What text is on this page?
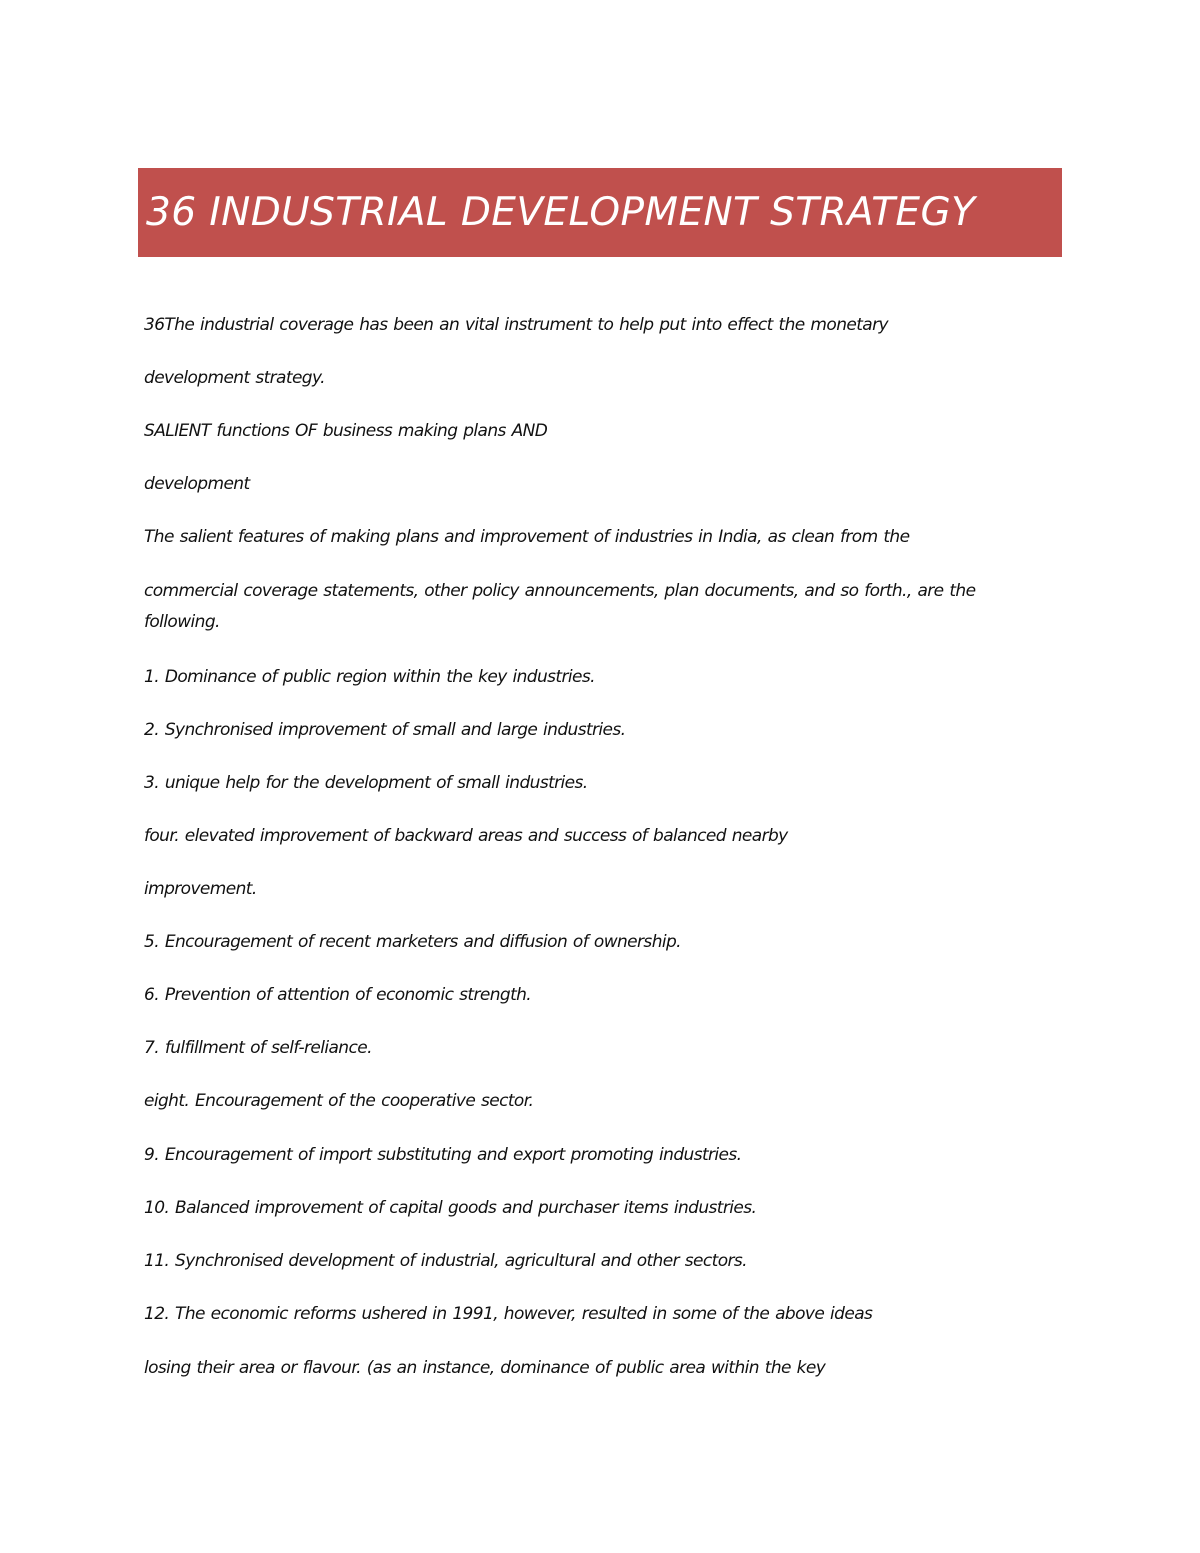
36 INDUSTRIAL DEVELOPMENT STRATEGY
36The industrial coverage has been an vital instrument to help put into effect the monetary
development strategy.
SALIENT functions OF business making plans AND
development
The salient features of making plans and improvement of industries in India, as clean from the
commercial coverage statements, other policy announcements, plan documents, and so forth., are the following.
1. Dominance of public region within the key industries.
2. Synchronised improvement of small and large industries.
3. unique help for the development of small industries.
four. elevated improvement of backward areas and success of balanced nearby
improvement.
5. Encouragement of recent marketers and diffusion of ownership.
6. Prevention of attention of economic strength.
7. fulfillment of self-reliance.
eight. Encouragement of the cooperative sector.
9. Encouragement of import substituting and export promoting industries.
10. Balanced improvement of capital goods and purchaser items industries.
11. Synchronised development of industrial, agricultural and other sectors.
12. The economic reforms ushered in 1991, however, resulted in some of the above ideas
losing their area or flavour. (as an instance, dominance of public area within the key
